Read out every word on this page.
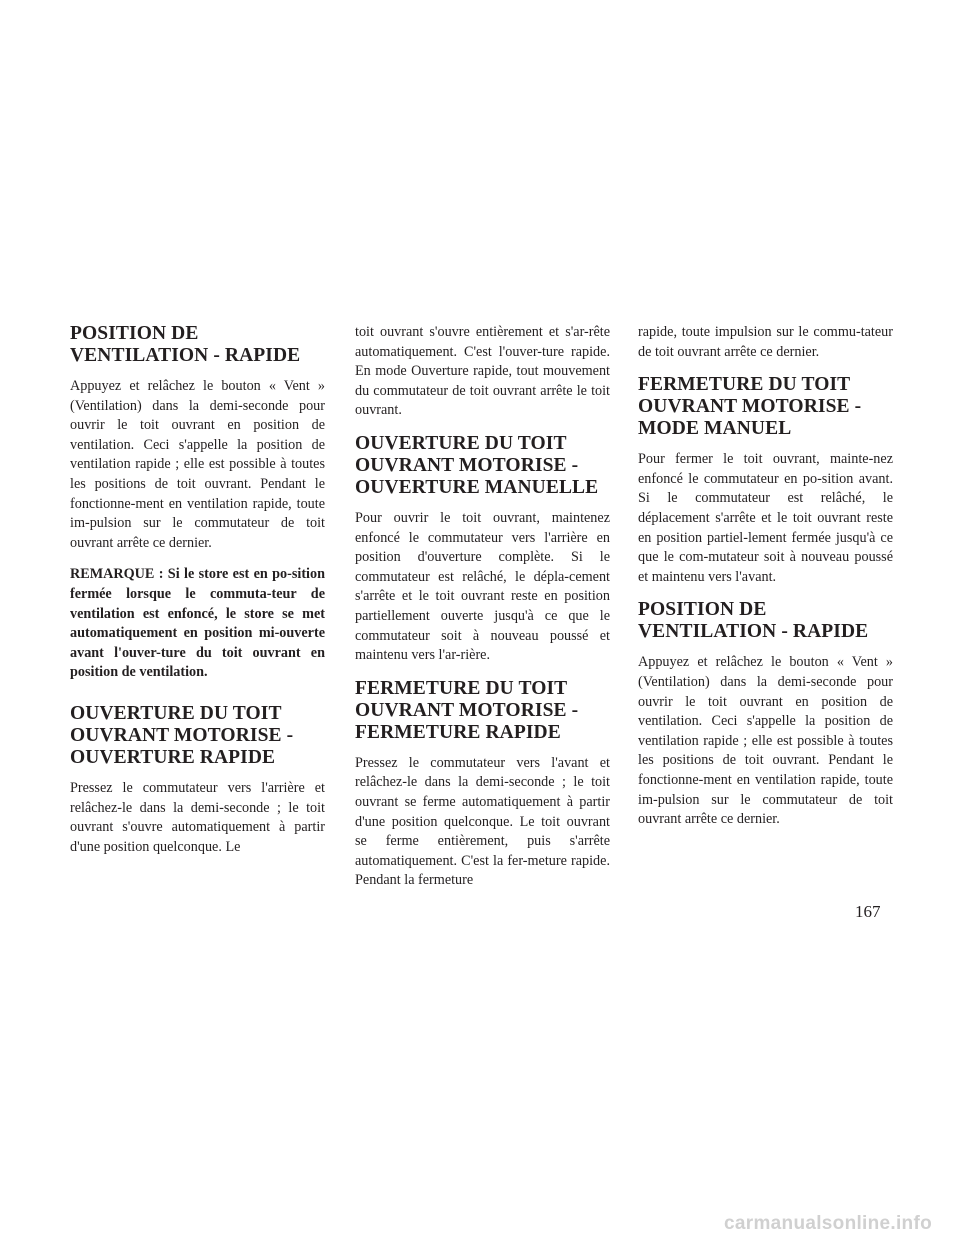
POSITION DE
VENTILATION - RAPIDE

Appuyez et relâchez le bouton « Vent » (Ventilation) dans la demi-seconde pour ouvrir le toit ouvrant en position de ventilation. Ceci s'appelle la position de ventilation rapide ; elle est possible à toutes les positions de toit ouvrant. Pendant le fonctionne-ment en ventilation rapide, toute im-pulsion sur le commutateur de toit ouvrant arrête ce dernier.

REMARQUE : Si le store est en po-sition fermée lorsque le commuta-teur de ventilation est enfoncé, le store se met automatiquement en position mi-ouverte avant l'ouver-ture du toit ouvrant en position de ventilation.

OUVERTURE DU TOIT
OUVRANT MOTORISE -
OUVERTURE RAPIDE

Pressez le commutateur vers l'arrière et relâchez-le dans la demi-seconde ; le toit ouvrant s'ouvre automatiquement à partir d'une position quelconque. Le

toit ouvrant s'ouvre entièrement et s'ar-rête automatiquement. C'est l'ouver-ture rapide. En mode Ouverture rapide, tout mouvement du commutateur de toit ouvrant arrête le toit ouvrant.

OUVERTURE DU TOIT
OUVRANT MOTORISE -
OUVERTURE MANUELLE

Pour ouvrir le toit ouvrant, maintenez enfoncé le commutateur vers l'arrière en position d'ouverture complète. Si le commutateur est relâché, le dépla-cement s'arrête et le toit ouvrant reste en position partiellement ouverte jusqu'à ce que le commutateur soit à nouveau poussé et maintenu vers l'ar-rière.

FERMETURE DU TOIT
OUVRANT MOTORISE -
FERMETURE RAPIDE

Pressez le commutateur vers l'avant et relâchez-le dans la demi-seconde ; le toit ouvrant se ferme automatiquement à partir d'une position quelconque. Le toit ouvrant se ferme entièrement, puis s'arrête automatiquement. C'est la fer-meture rapide. Pendant la fermeture

rapide, toute impulsion sur le commu-tateur de toit ouvrant arrête ce dernier.

FERMETURE DU TOIT
OUVRANT MOTORISE -
MODE MANUEL

Pour fermer le toit ouvrant, mainte-nez enfoncé le commutateur en po-sition avant. Si le commutateur est relâché, le déplacement s'arrête et le toit ouvrant reste en position partiel-lement fermée jusqu'à ce que le com-mutateur soit à nouveau poussé et maintenu vers l'avant.

POSITION DE
VENTILATION - RAPIDE

Appuyez et relâchez le bouton « Vent » (Ventilation) dans la demi-seconde pour ouvrir le toit ouvrant en position de ventilation. Ceci s'appelle la position de ventilation rapide ; elle est possible à toutes les positions de toit ouvrant. Pendant le fonctionne-ment en ventilation rapide, toute im-pulsion sur le commutateur de toit ouvrant arrête ce dernier.

167
carmanualsonline.info
